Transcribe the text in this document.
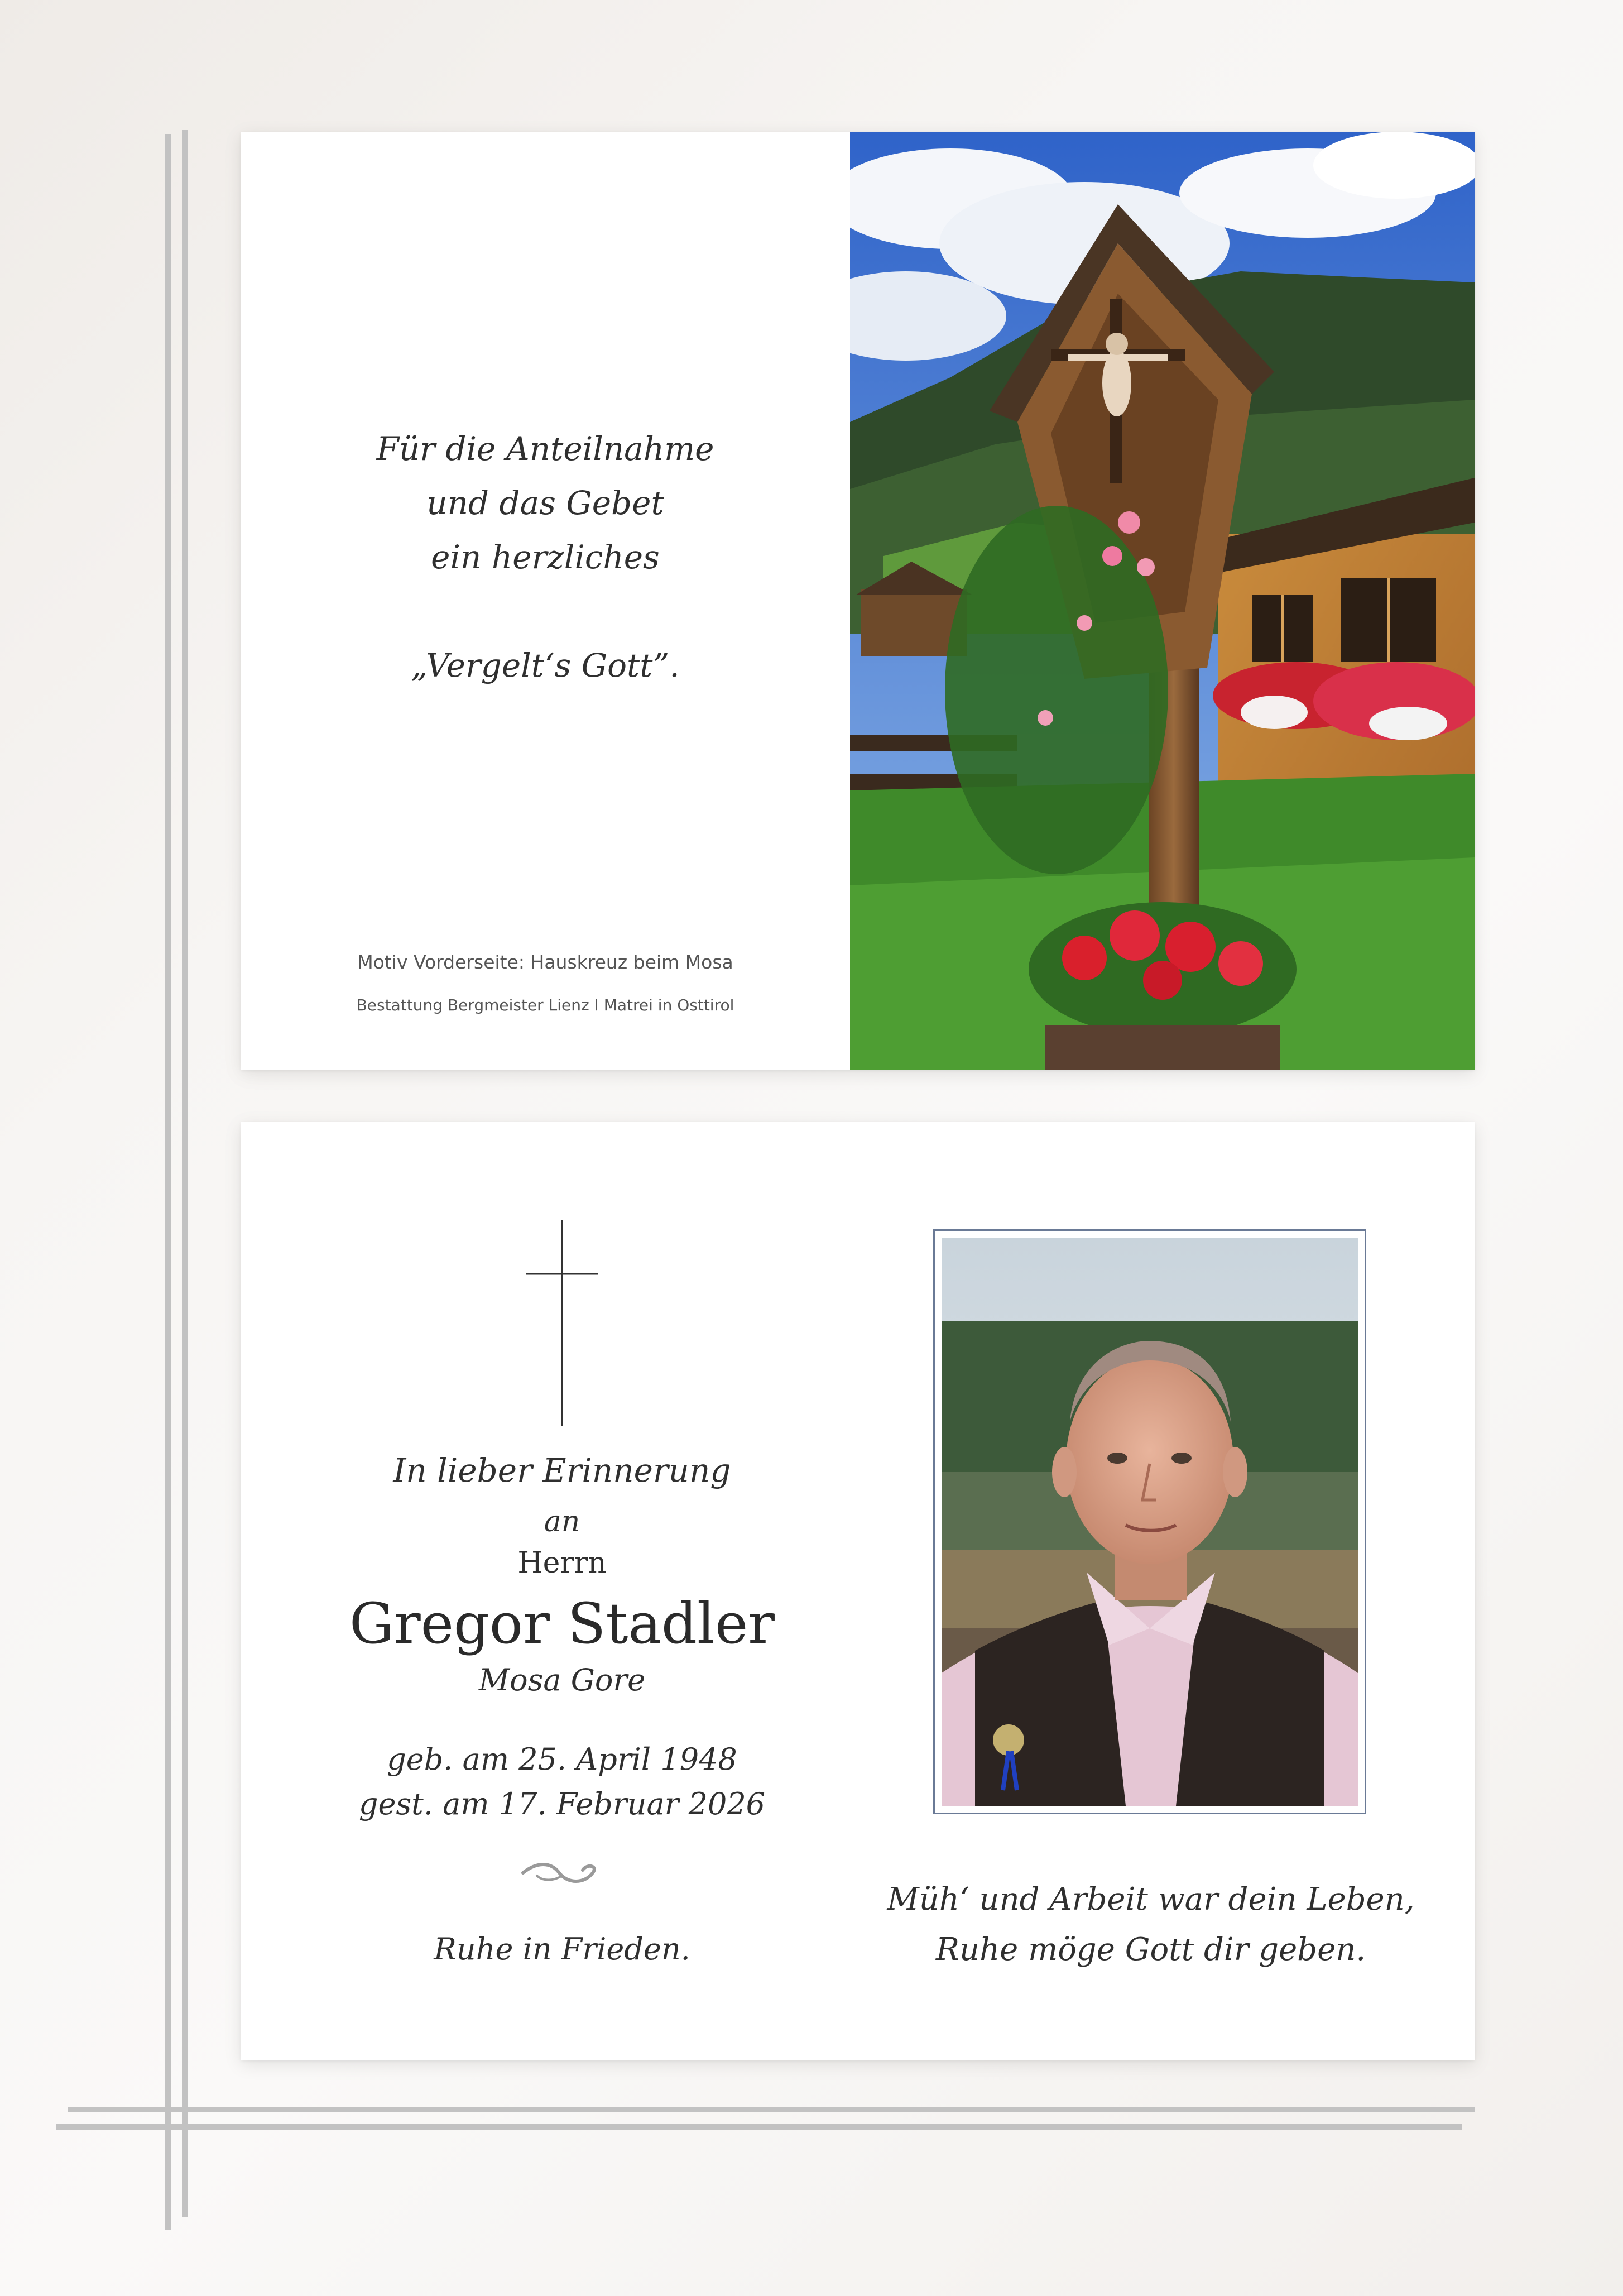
Für die Anteilnahme
und das Gebet
ein herzliches
„Vergelt‘s Gott”.
Motiv Vorderseite: Hauskreuz beim Mosa
Bestattung Bergmeister Lienz I Matrei in Osttirol
In lieber Erinnerung
an
Herrn
Gregor Stadler
Mosa Gore
geb. am 25. April 1948
gest. am 17. Februar 2026
Ruhe in Frieden.
Müh‘ und Arbeit war dein Leben,
Ruhe möge Gott dir geben.
